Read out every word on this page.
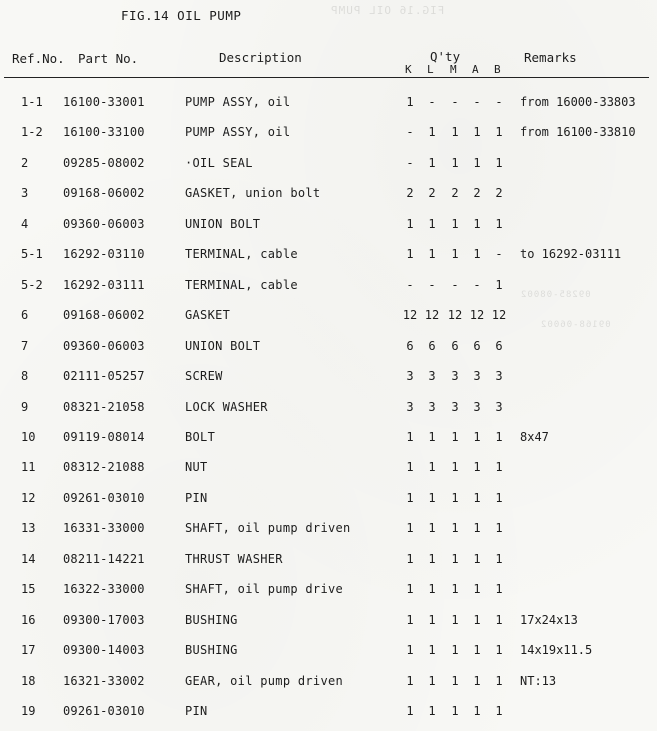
FIG.16 OIL PUMP
09285-08002
09168-06002
FIG.14 OIL PUMP
Ref.No. Part No.	Description	Q'ty	Remarks
K L M A B
1-1 16100-33001	PUMP ASSY, oil	1	-	-	-	-	from 16000-33803
1-2 16100-33100	PUMP ASSY, oil	-	1	1	1	1	from 16100-33810
2	09285-08002	·OIL SEAL	-	1	1	1	1
3	09168-06002	GASKET, union bolt	2	2	2	2	2
4	09360-06003	UNION BOLT	1	1	1	1	1
5-1 16292-03110	TERMINAL, cable	1	1	1	1	-	to 16292-03111
5-2 16292-03111	TERMINAL, cable	-	-	-	-	1
6	09168-06002	GASKET	12 12 12 12 12
7	09360-06003	UNION BOLT	6	6	6	6	6
8	02111-05257	SCREW	3	3	3	3	3
9	08321-21058	LOCK WASHER	3	3	3	3	3
10 09119-08014	BOLT	1	1	1	1	1	8x47
11 08312-21088	NUT	1	1	1	1	1
12 09261-03010	PIN	1	1	1	1	1
13 16331-33000	SHAFT, oil pump driven	1	1	1	1	1
14 08211-14221	THRUST WASHER	1	1	1	1	1
15 16322-33000	SHAFT, oil pump drive	1	1	1	1	1
16 09300-17003	BUSHING	1	1	1	1	1	17x24x13
17 09300-14003	BUSHING	1	1	1	1	1	14x19x11.5
18 16321-33002	GEAR, oil pump driven	1	1	1	1	1	NT:13
19 09261-03010	PIN	1	1	1	1	1
